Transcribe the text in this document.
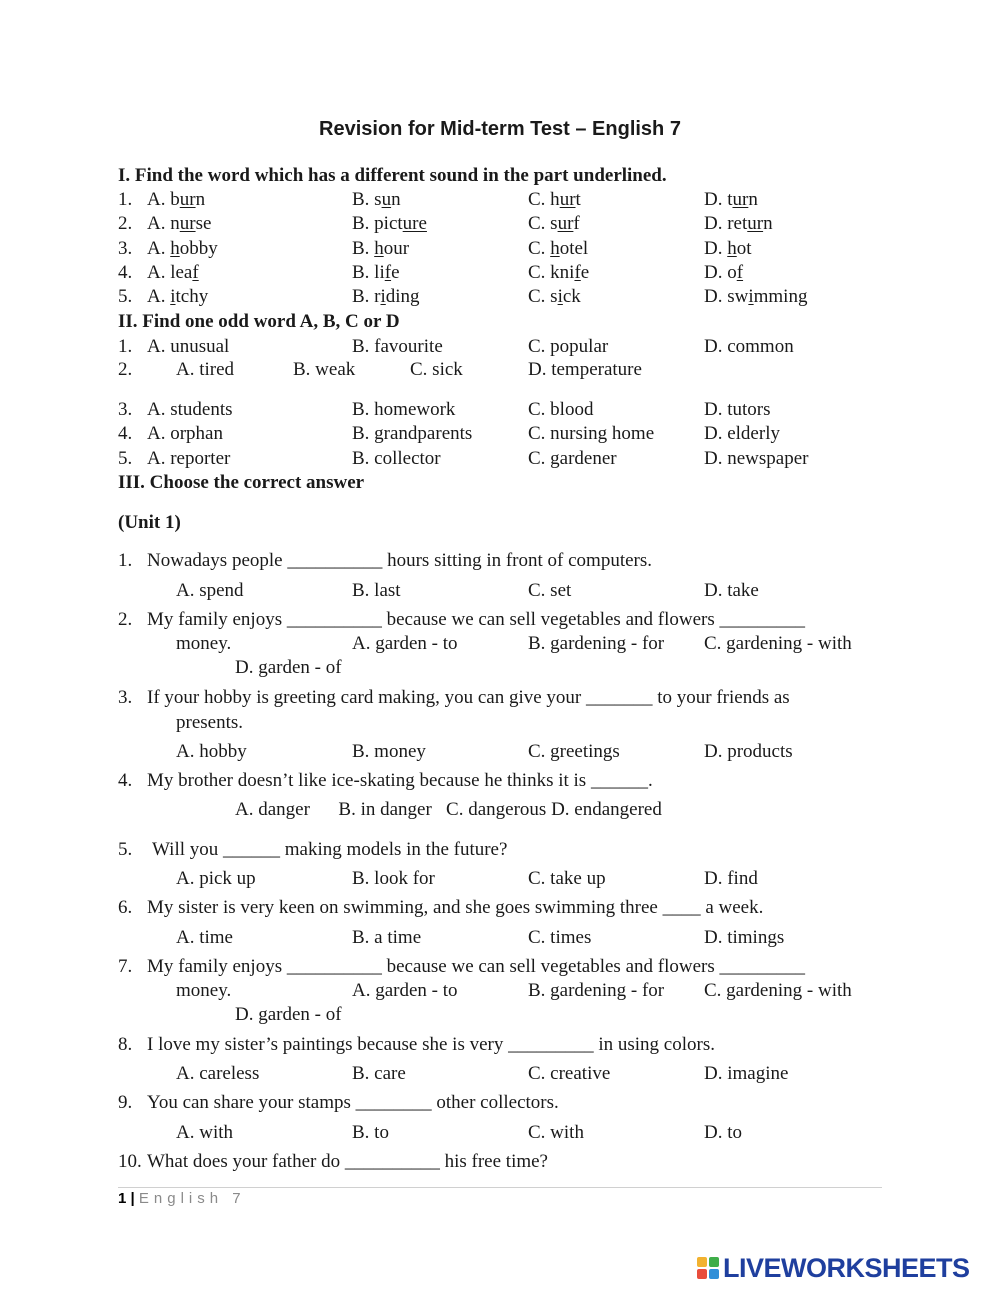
Revision for Mid-term Test – English 7
I. Find the word which has a different sound in the part underlined.
1. A. burn	B. sun	C. hurt	D. turn
2. A. nurse	B. picture	C. surf	D. return
3. A. hobby	B. hour	C. hotel	D. hot
4. A. leaf	B. life	C. knife	D. of
5. A. itchy	B. riding	C. sick	D. swimming
II. Find one odd word A, B, C or D
1. A. unusual	B. favourite	C. popular	D. common
2. A. tired	B. weak	C. sick	D. temperature
3. A. students	B. homework	C. blood	D. tutors
4. A. orphan	B. grandparents	C. nursing home	D. elderly
5. A. reporter	B. collector	C. gardener	D. newspaper
III. Choose the correct answer
(Unit 1)
1. Nowadays people __________ hours sitting in front of computers.
A. spend	B. last	C. set	D. take
2. My family enjoys __________ because we can sell vegetables and flowers _________
money.	A. garden - to	B. gardening - for C. gardening - with
D. garden - of
3. If your hobby is greeting card making, you can give your _______ to your friends as
presents.
A. hobby	B. money	C. greetings	D. products
4. My brother doesn’t like ice-skating because he thinks it is ______.
A. danger      B. in danger   C. dangerous D. endangered
5. Will you ______ making models in the future?
A. pick up	B. look for	C. take up	D. find
6. My sister is very keen on swimming, and she goes swimming three ____ a week.
A. time	B. a time	C. times	D. timings
7. My family enjoys __________ because we can sell vegetables and flowers _________
money.	A. garden - to	B. gardening - for C. gardening - with
D. garden - of
8. I love my sister’s paintings because she is very _________ in using colors.
A. careless	B. care	C. creative	D. imagine
9. You can share your stamps ________ other collectors.
A. with	B. to	C. with	D. to
10. What does your father do __________ his free time?
1 | English 7
LIVEWORKSHEETS
